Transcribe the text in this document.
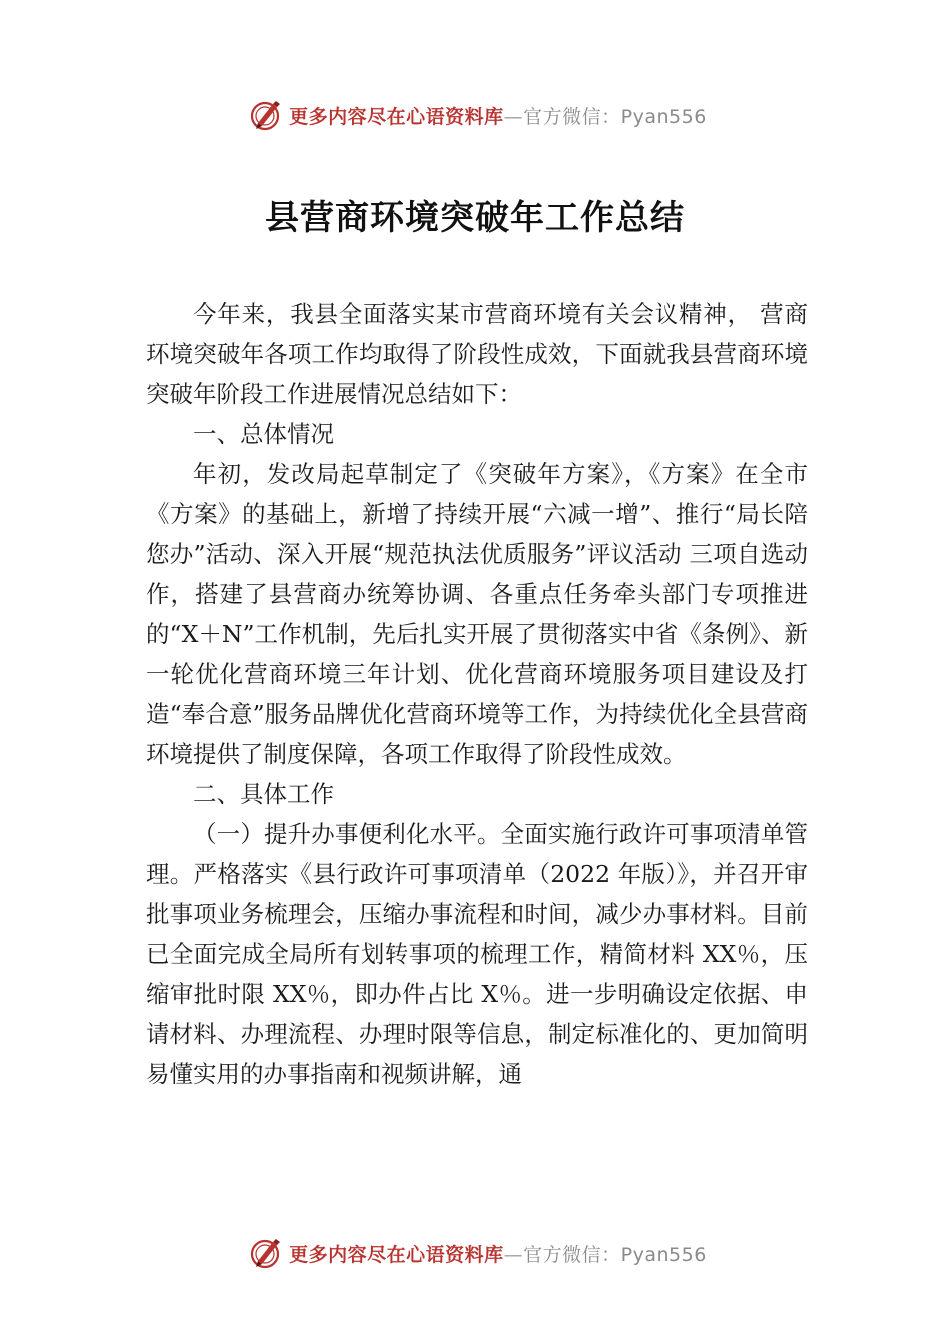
更多内容尽在心语资料库—官方微信：Pyan556
县营商环境突破年工作总结

今年来，我县全面落实某市营商环境有关会议精神， 营商环境突破年各项工作均取得了阶段性成效，下面就我县营商环境突破年阶段工作进展情况总结如下：

一、总体情况

年初，发改局起草制定了《突破年方案》，《方案》在全市《方案》的基础上，新增了持续开展“六减一增”、推行“局长陪您办”活动、深入开展“规范执法优质服务”评议活动 三项自选动作，搭建了县营商办统筹协调、各重点任务牵头部门专项推进的“X＋N”工作机制，先后扎实开展了贯彻落实中省《条例》、新一轮优化营商环境三年计划、优化营商环境服务项目建设及打造“奉合意”服务品牌优化营商环境等工作，为持续优化全县营商环境提供了制度保障，各项工作取得了阶段性成效。

二、具体工作

（一）提升办事便利化水平。全面实施行政许可事项清单管理。严格落实《县行政许可事项清单（2022 年版）》，并召开审批事项业务梳理会，压缩办事流程和时间，减少办事材料。目前已全面完成全局所有划转事项的梳理工作，精简材料 XX％，压缩审批时限 XX％，即办件占比 X％。进一步明确设定依据、申请材料、办理流程、办理时限等信息，制定标准化的、更加简明易懂实用的办事指南和视频讲解，通

更多内容尽在心语资料库—官方微信：Pyan556
